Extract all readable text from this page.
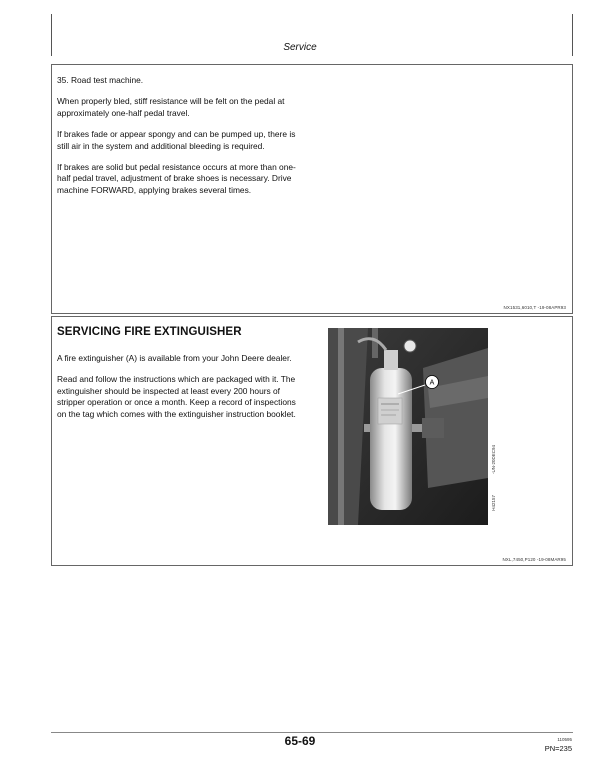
Service

35. Road test machine.

When properly bled, stiff resistance will be felt on the pedal at approximately one-half pedal travel.

If brakes fade or appear spongy and can be pumped up, there is still air in the system and additional bleeding is required.

If brakes are solid but pedal resistance occurs at more than one-half pedal travel, adjustment of brake shoes is necessary. Drive machine FORWARD, applying brakes several times.

NX1531,6010,T -19-08APR93
SERVICING FIRE EXTINGUISHER

A fire extinguisher (A) is available from your John Deere dealer.

Read and follow the instructions which are packaged with it. The extinguisher should be inspected at least every 200 hours of stripper operation or once a month. Keep a record of inspections on the tag which comes with the extinguisher instruction booklet.

A
-UN-20DEC94
H42157
NXL,7450,P120 -19-08MAR95
65-69	110595
PN=235
